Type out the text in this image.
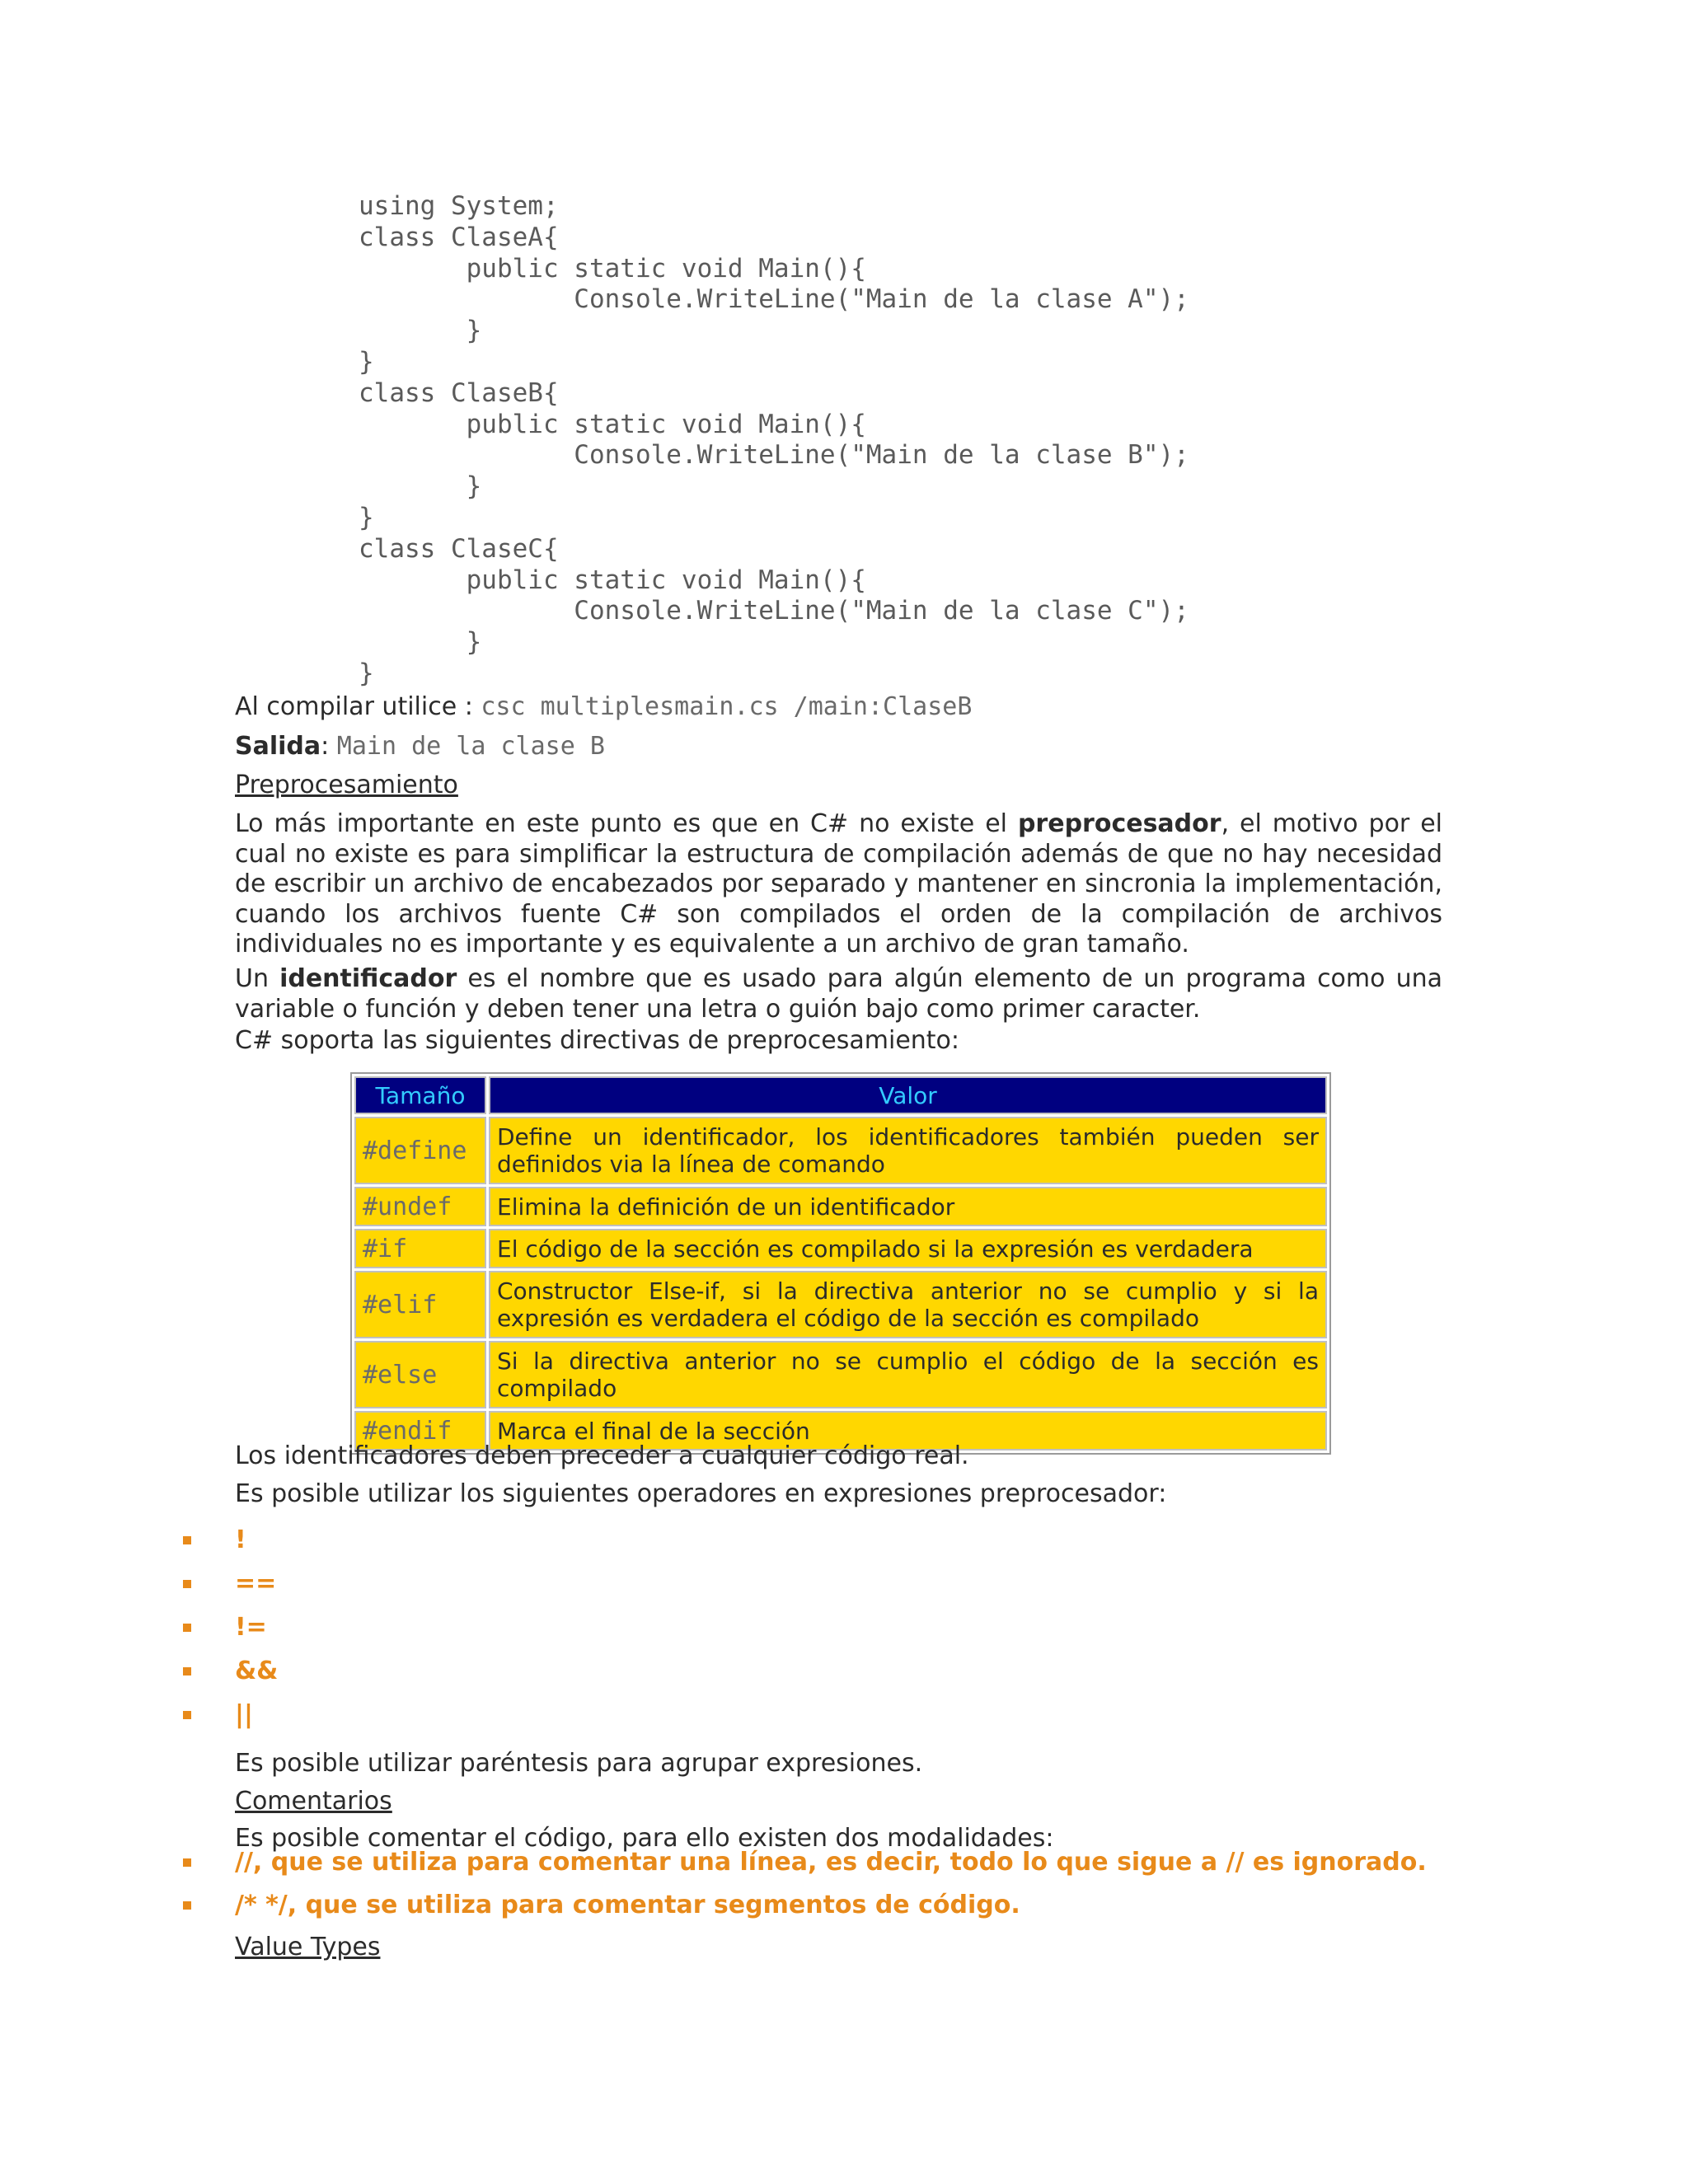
using System;
class ClaseA{
public static void Main(){
Console.WriteLine("Main de la clase A");
}
}
class ClaseB{
public static void Main(){
Console.WriteLine("Main de la clase B");
}
}
class ClaseC{
public static void Main(){
Console.WriteLine("Main de la clase C");
}
}
Al compilar utilice : csc multiplesmain.cs /main:ClaseB
Salida: Main de la clase B
Preprocesamiento

Lo más importante en este punto es que en C# no existe el preprocesador, el motivo por el cual no existe es para simplificar la estructura de compilación además de que no hay necesidad de escribir un archivo de encabezados por separado y mantener en sincronia la implementación, cuando los archivos fuente C# son compilados el orden de la compilación de archivos individuales no es importante y es equivalente a un archivo de gran tamaño.

Un identificador es el nombre que es usado para algún elemento de un programa como una variable o función y deben tener una letra o guión bajo como primer caracter.

C# soporta las siguientes directivas de preprocesamiento:
Tamaño	Valor
#define	Define un identificador, los identificadores también pueden ser definidos via la línea de comando
#undef	Elimina la definición de un identificador
#if	El código de la sección es compilado si la expresión es verdadera
#elif	Constructor Else-if, si la directiva anterior no se cumplio y si la expresión es verdadera el código de la sección es compilado
#else	Si la directiva anterior no se cumplio el código de la sección es compilado
#endif	Marca el final de la sección
Los identificadores deben preceder a cualquier código real.
Es posible utilizar los siguientes operadores en expresiones preprocesador:
!
==
!=
&&
||
Es posible utilizar paréntesis para agrupar expresiones.
Comentarios
Es posible comentar el código, para ello existen dos modalidades:
//, que se utiliza para comentar una línea, es decir, todo lo que sigue a // es ignorado.
/* */, que se utiliza para comentar segmentos de código.
Value Types
